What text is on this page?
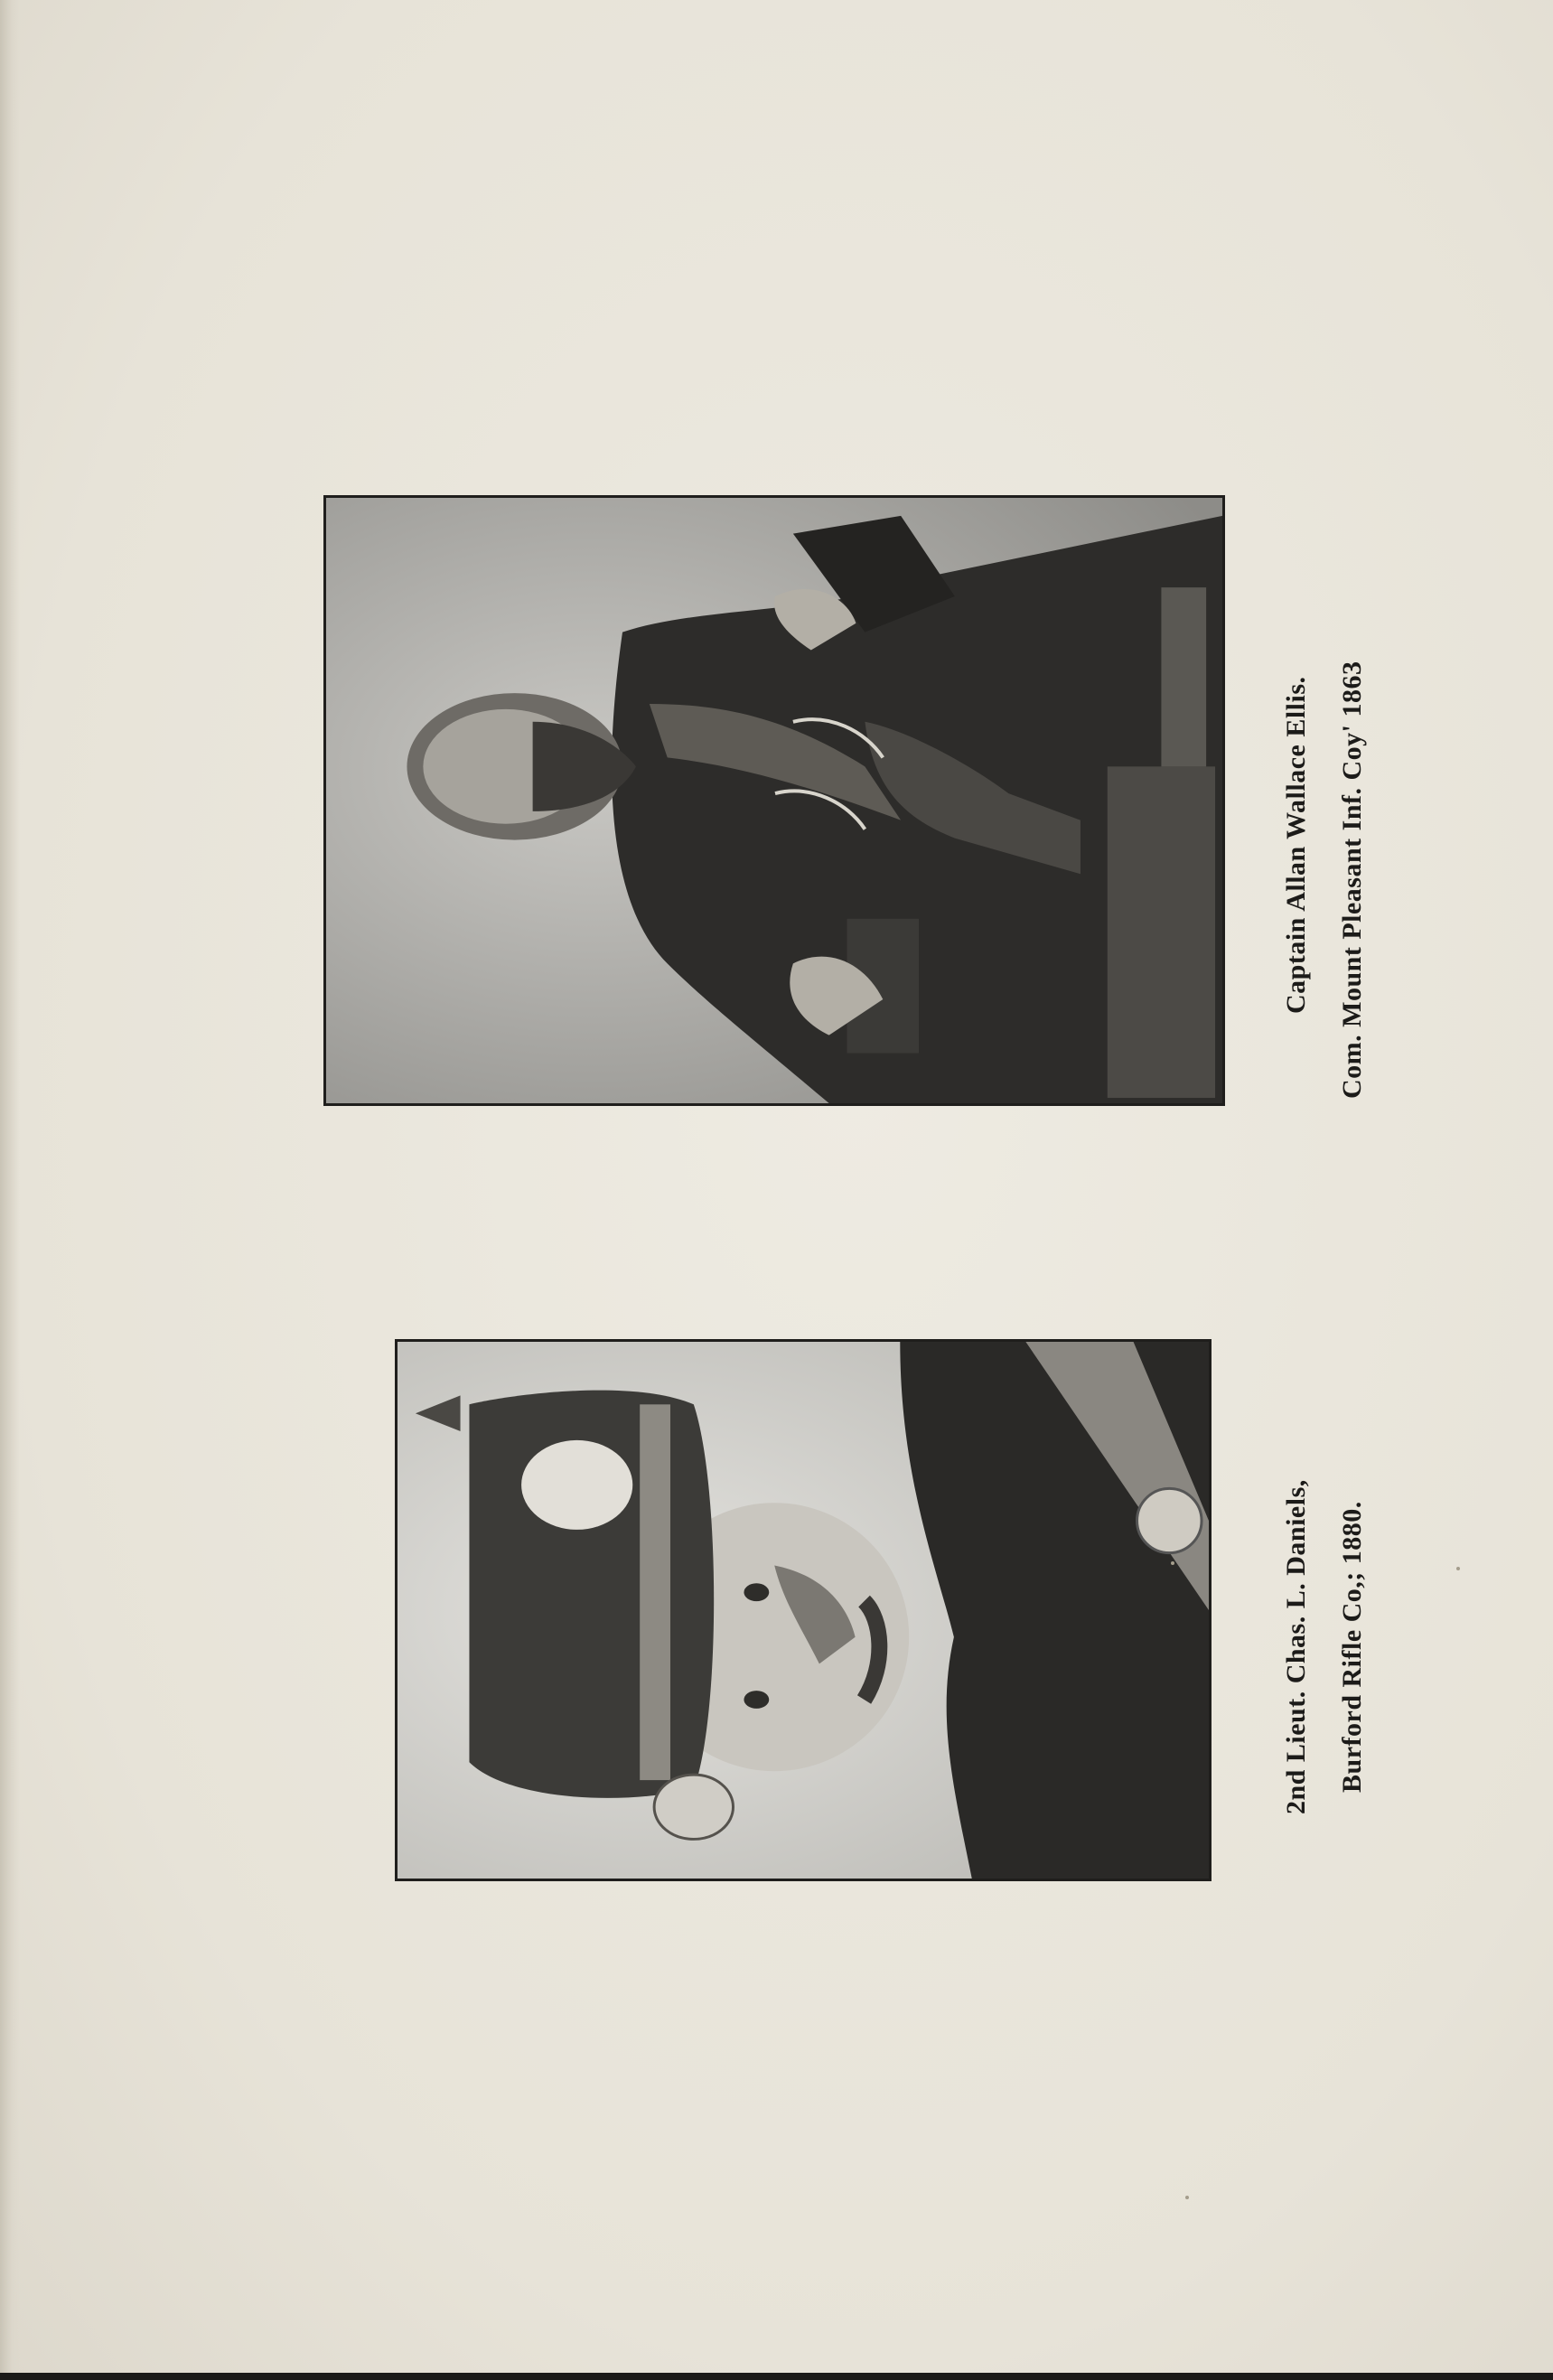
Captain Allan Wallace Ellis. Com. Mount Pleasant Inf. Coy' 1863
2nd Lieut. Chas. L. Daniels, Burford Rifle Co,; 1880.
